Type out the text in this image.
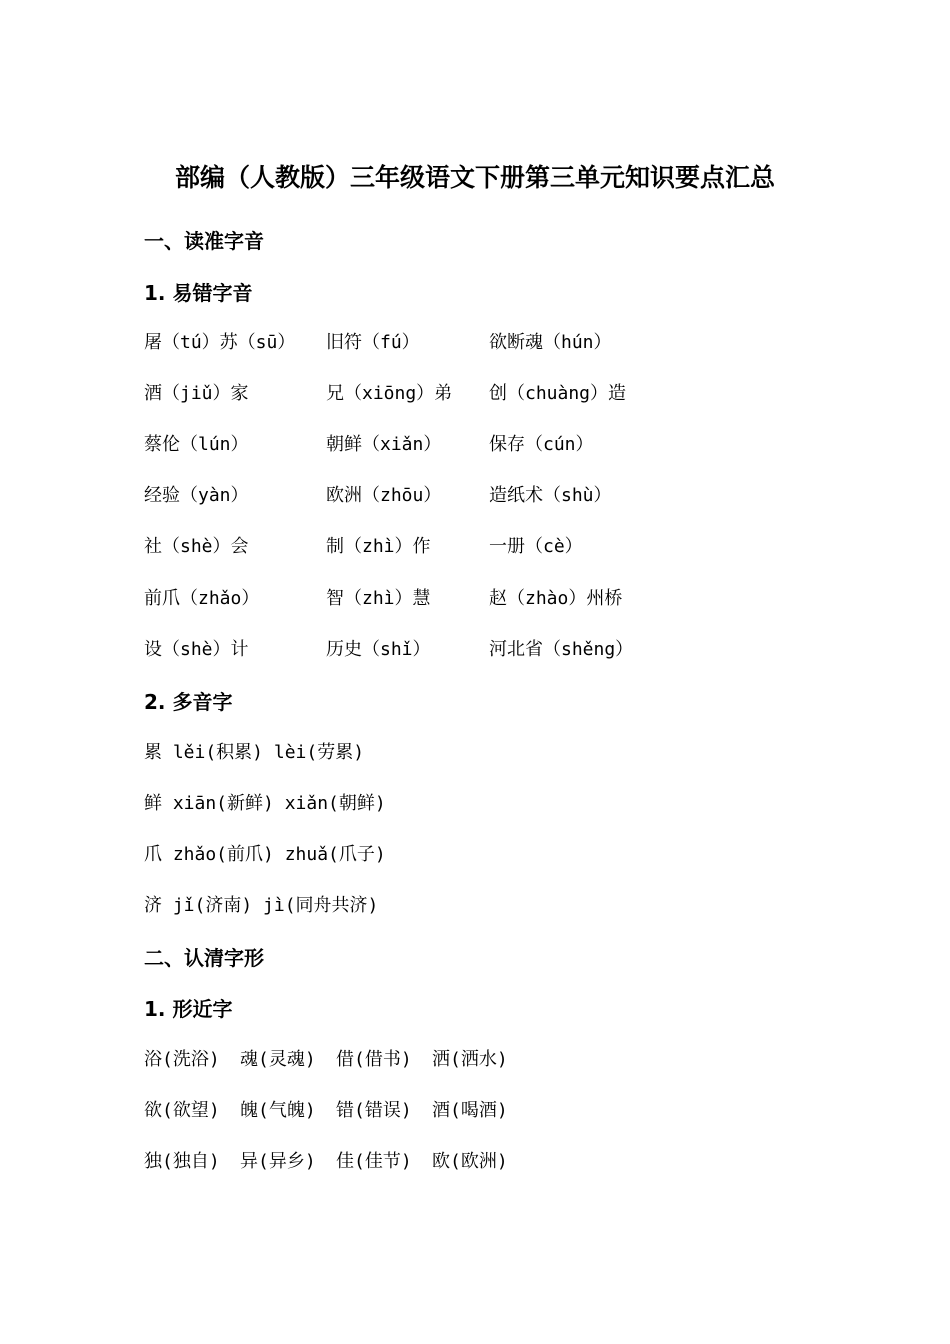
部编（人教版）三年级语文下册第三单元知识要点汇总
一、读准字音
1. 易错字音
屠（tú）苏（sū） 旧符（fú）	欲断魂（hún）
酒（jiǔ）家	兄（xiōng）弟 创（chuàng）造
蔡伦（lún）	朝鲜（xiǎn）	保存（cún）
经验（yàn）	欧洲（zhōu）	造纸术（shù）
社（shè）会	制（zhì）作	一册（cè）
前爪（zhǎo）	智（zhì）慧	赵（zhào）州桥
设（shè）计	历史（shǐ）	河北省（shěng）
2. 多音字
累 lěi(积累) lèi(劳累)
鲜 xiān(新鲜) xiǎn(朝鲜)
爪 zhǎo(前爪) zhuǎ(爪子)
济 jǐ(济南) jì(同舟共济)
二、认清字形
1. 形近字
浴(洗浴) 魂(灵魂) 借(借书) 洒(洒水)
欲(欲望) 魄(气魄) 错(错误) 酒(喝酒)
独(独自) 异(异乡) 佳(佳节) 欧(欧洲)
